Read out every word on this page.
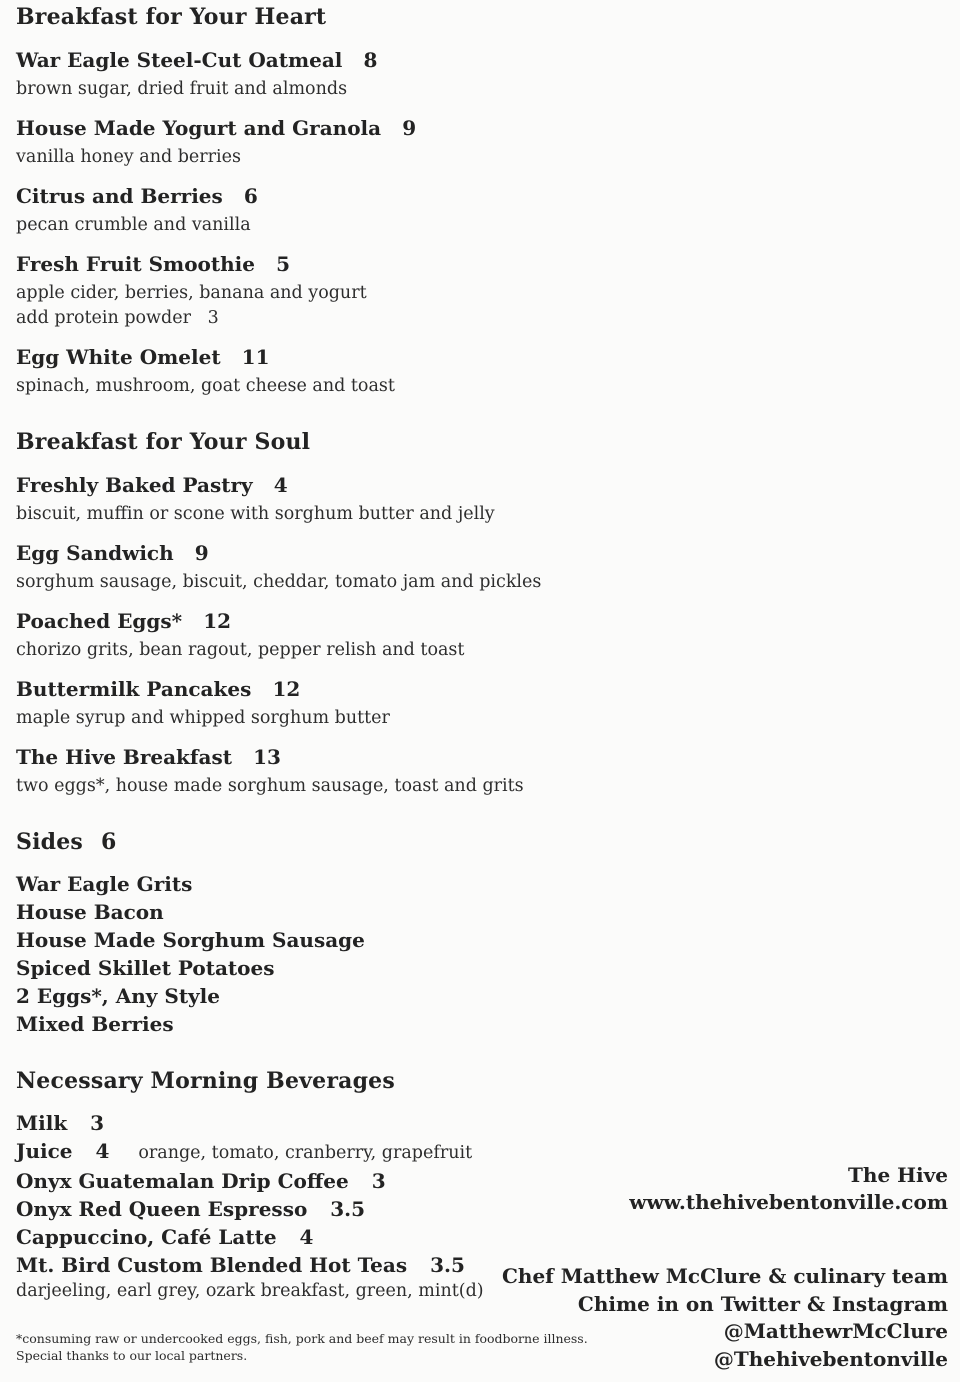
Breakfast for Your Heart
War Eagle Steel-Cut Oatmeal 8
brown sugar, dried fruit and almonds
House Made Yogurt and Granola 9
vanilla honey and berries
Citrus and Berries 6
pecan crumble and vanilla
Fresh Fruit Smoothie 5
apple cider, berries, banana and yogurt
add protein powder   3
Egg White Omelet 11
spinach, mushroom, goat cheese and toast
Breakfast for Your Soul
Freshly Baked Pastry 4
biscuit, muffin or scone with sorghum butter and jelly
Egg Sandwich 9
sorghum sausage, biscuit, cheddar, tomato jam and pickles
Poached Eggs* 12
chorizo grits, bean ragout, pepper relish and toast
Buttermilk Pancakes 12
maple syrup and whipped sorghum butter
The Hive Breakfast 13
two eggs*, house made sorghum sausage, toast and grits
Sides 6
War Eagle Grits
House Bacon
House Made Sorghum Sausage
Spiced Skillet Potatoes
2 Eggs*, Any Style
Mixed Berries
Necessary Morning Beverages
Milk 3
Juice 4 orange, tomato, cranberry, grapefruit
Onyx Guatemalan Drip Coffee 3
Onyx Red Queen Espresso 3.5
Cappuccino, Café Latte 4
Mt. Bird Custom Blended Hot Teas 3.5
darjeeling, earl grey, ozark breakfast, green, mint(d)
*consuming raw or undercooked eggs, fish, pork and beef may result in foodborne illness.
Special thanks to our local partners.
The Hive
www.thehivebentonville.com
Chef Matthew McClure & culinary team
Chime in on Twitter & Instagram
@MatthewrMcClure
@Thehivebentonville
